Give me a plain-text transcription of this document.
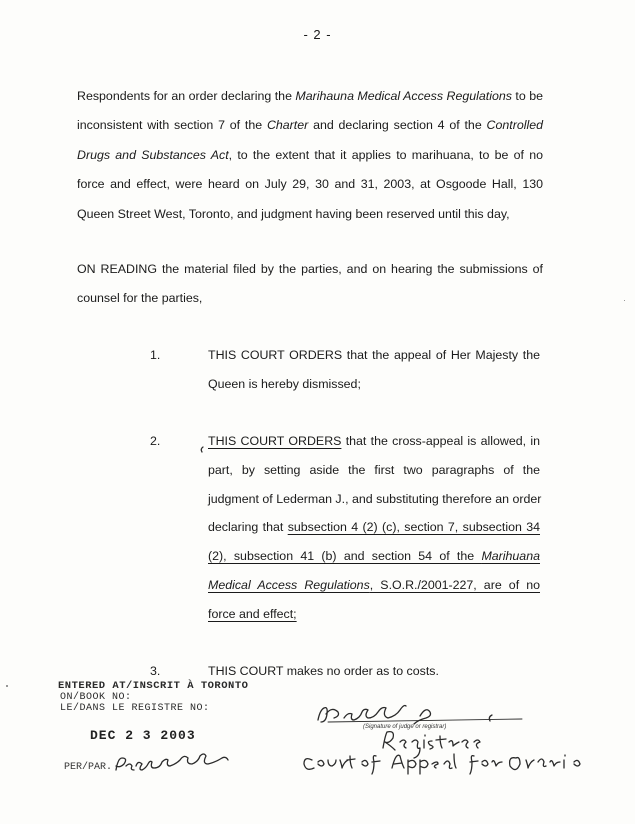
- 2 -
Respondents for an order declaring the Marihauna Medical Access Regulations to be
inconsistent with section 7 of the Charter and declaring section 4 of the Controlled
Drugs and Substances Act, to the extent that it applies to marihuana, to be of no
force and effect, were heard on July 29, 30 and 31, 2003, at Osgoode Hall, 130
Queen Street West, Toronto, and judgment having been reserved until this day,
ON READING the material filed by the parties, and on hearing the submissions of
counsel for the parties,
1.	THIS COURT ORDERS that the appeal of Her Majesty the
Queen is hereby dismissed;
2.	THIS COURT ORDERS that the cross-appeal is allowed, in
part, by setting aside the first two paragraphs of the
judgment of Lederman J., and substituting therefore an order
declaring that subsection 4 (2) (c), section 7, subsection 34
(2), subsection 41 (b) and section 54 of the Marihuana
Medical Access Regulations, S.O.R./2001-227, are of no
force and effect;
3.	THIS COURT makes no order as to costs.
ENTERED AT/INSCRIT À TORONTO
ON/BOOK NO:
LE/DANS LE REGISTRE NO:
DEC 2 3 2003
PER/PAR.
(Signature of judge or registrar)
